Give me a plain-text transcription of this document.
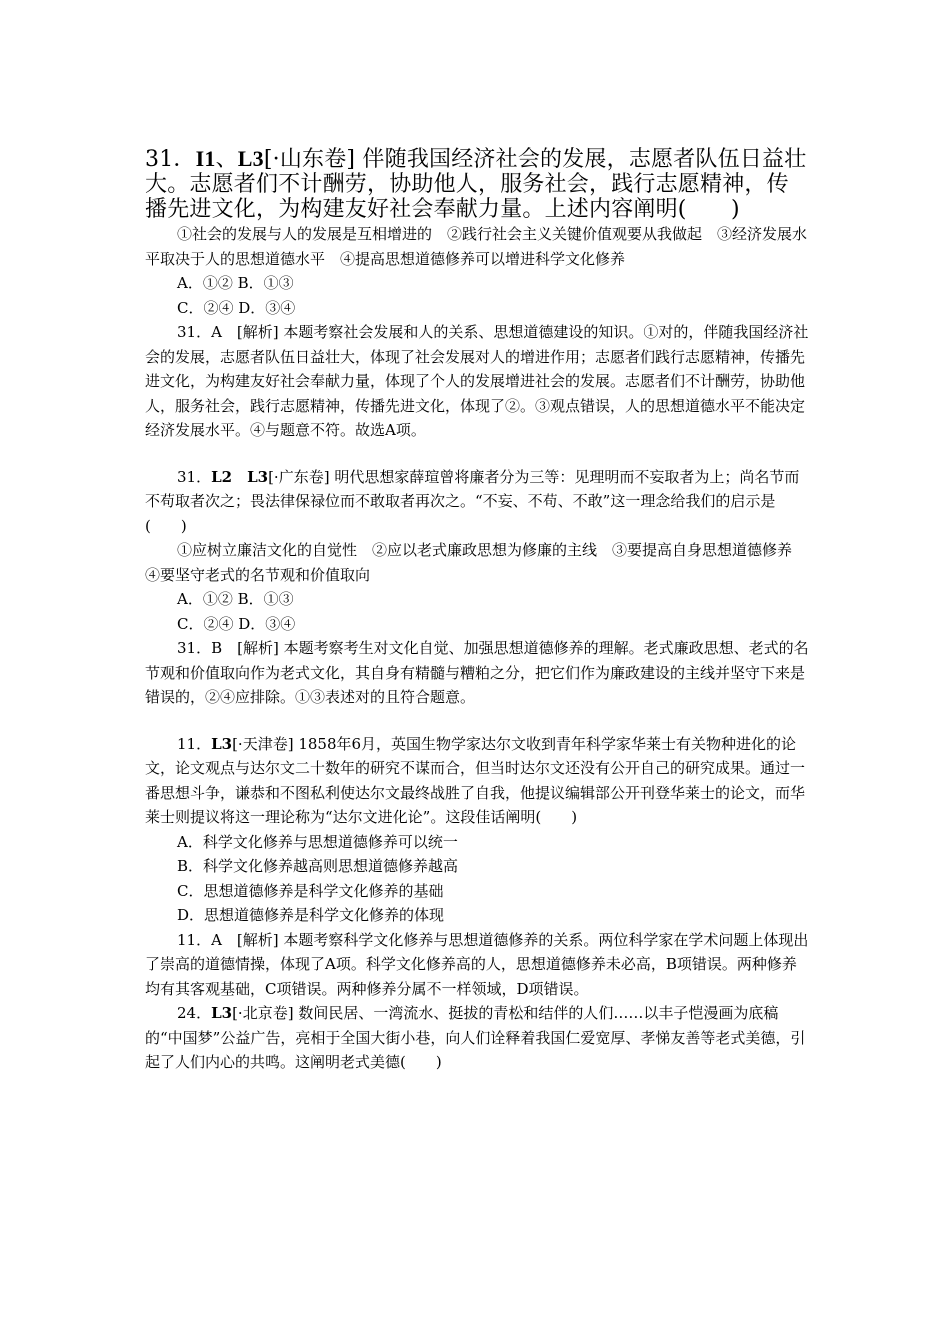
31．I1、L3[·山东卷] 伴随我国经济社会的发展，志愿者队伍日益壮大。志愿者们不计酬劳，协助他人，服务社会，践行志愿精神，传播先进文化，为构建友好社会奉献力量。上述内容阐明(　　)

①社会的发展与人的发展是互相增进的　②践行社会主义关键价值观要从我做起　③经济发展水平取决于人的思想道德水平　④提高思想道德修养可以增进科学文化修养

A．①② B．①③

C．②④ D．③④

31．A　[解析] 本题考察社会发展和人的关系、思想道德建设的知识。①对的，伴随我国经济社会的发展，志愿者队伍日益壮大，体现了社会发展对人的增进作用；志愿者们践行志愿精神，传播先进文化，为构建友好社会奉献力量，体现了个人的发展增进社会的发展。志愿者们不计酬劳，协助他人，服务社会，践行志愿精神，传播先进文化，体现了②。③观点错误，人的思想道德水平不能决定经济发展水平。④与题意不符。故选A项。

31．L2　 L3[·广东卷] 明代思想家薛瑄曾将廉者分为三等：见理明而不妄取者为上；尚名节而不苟取者次之；畏法律保禄位而不敢取者再次之。“不妄、不苟、不敢”这一理念给我们的启示是(　　)

①应树立廉洁文化的自觉性　②应以老式廉政思想为修廉的主线　③要提高自身思想道德修养　④要坚守老式的名节观和价值取向

A．①② B．①③

C．②④ D．③④

31．B　[解析] 本题考察考生对文化自觉、加强思想道德修养的理解。老式廉政思想、老式的名节观和价值取向作为老式文化，其自身有精髓与糟粕之分，把它们作为廉政建设的主线并坚守下来是错误的，②④应排除。①③表述对的且符合题意。

11．L3[·天津卷] 1858年6月，英国生物学家达尔文收到青年科学家华莱士有关物种进化的论文，论文观点与达尔文二十数年的研究不谋而合，但当时达尔文还没有公开自己的研究成果。通过一番思想斗争，谦恭和不图私利使达尔文最终战胜了自我，他提议编辑部公开刊登华莱士的论文，而华莱士则提议将这一理论称为“达尔文进化论”。这段佳话阐明(　　)

A．科学文化修养与思想道德修养可以统一

B．科学文化修养越高则思想道德修养越高

C．思想道德修养是科学文化修养的基础

D．思想道德修养是科学文化修养的体现

11．A　[解析] 本题考察科学文化修养与思想道德修养的关系。两位科学家在学术问题上体现出了崇高的道德情操，体现了A项。科学文化修养高的人，思想道德修养未必高，B项错误。两种修养均有其客观基础，C项错误。两种修养分属不一样领域，D项错误。

24．L3[·北京卷] 数间民居、一湾流水、挺拔的青松和结伴的人们……以丰子恺漫画为底稿的“中国梦”公益广告，亮相于全国大街小巷，向人们诠释着我国仁爱宽厚、孝悌友善等老式美德，引起了人们内心的共鸣。这阐明老式美德(　　)
